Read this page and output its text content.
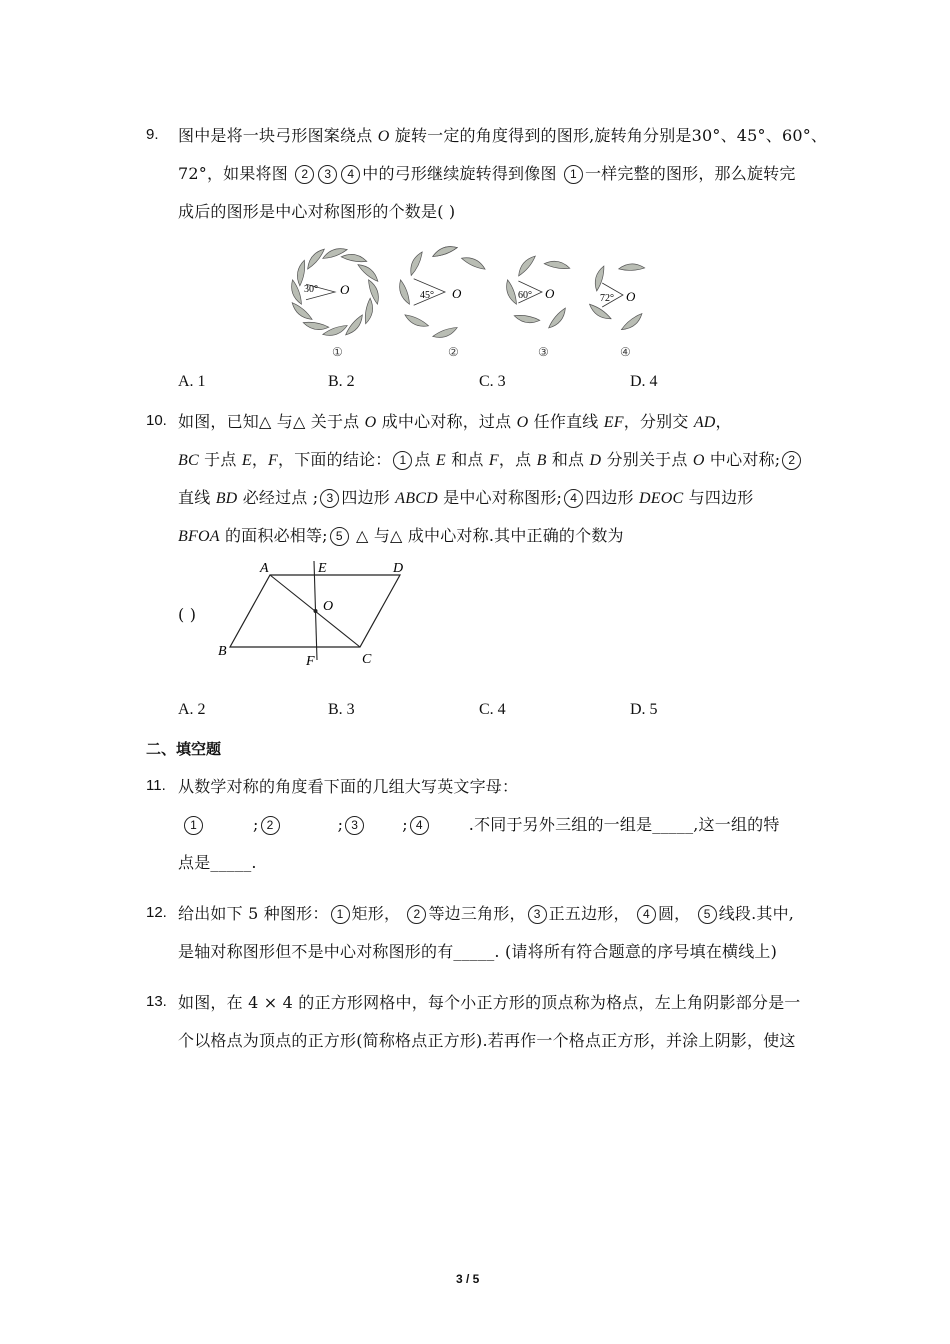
9. 图中是将一块弓形图案绕点 O 旋转一定的角度得到的图形,旋转角分别是30°、45°、60°、
72°，如果将图 2 3 4 中的弓形继续旋转得到像图 1 一样完整的图形，那么旋转完
成后的图形是中心对称图形的个数是( )
30° O	45° O	60° O	72° O
①	②	③	④
A. 1	B. 2	C. 3	D. 4
10. 如图，已知△ 与△ 关于点 O 成中心对称，过点 O 任作直线 EF，分别交 AD，
BC 于点 E，F，下面的结论： 1 点 E 和点 F，点 B 和点 D 分别关于点 O 中心对称; 2
直线 BD 必经过点 ; 3 四边形 ABCD 是中心对称图形; 4 四边形 DEOC 与四边形
BFOA 的面积必相等; 5 △ 与△ 成中心对称.其中正确的个数为
( )
A	E	D
O
B
F	C
A. 2	B. 3	C. 4	D. 5
二、填空题
11. 从数学对称的角度看下面的几组大写英文字母：
1	; 2	; 3	; 4	.不同于另外三组的一组是_____,这一组的特
点是_____.
12. 给出如下 5 种图形： 1 矩形， 2 等边三角形， 3 正五边形， 4 圆， 5 线段.其中,
是轴对称图形但不是中心对称图形的有_____. (请将所有符合题意的序号填在横线上)
13. 如图，在 4 × 4 的正方形网格中，每个小正方形的顶点称为格点，左上角阴影部分是一
个以格点为顶点的正方形(简称格点正方形).若再作一个格点正方形，并涂上阴影，使这
3 / 5
